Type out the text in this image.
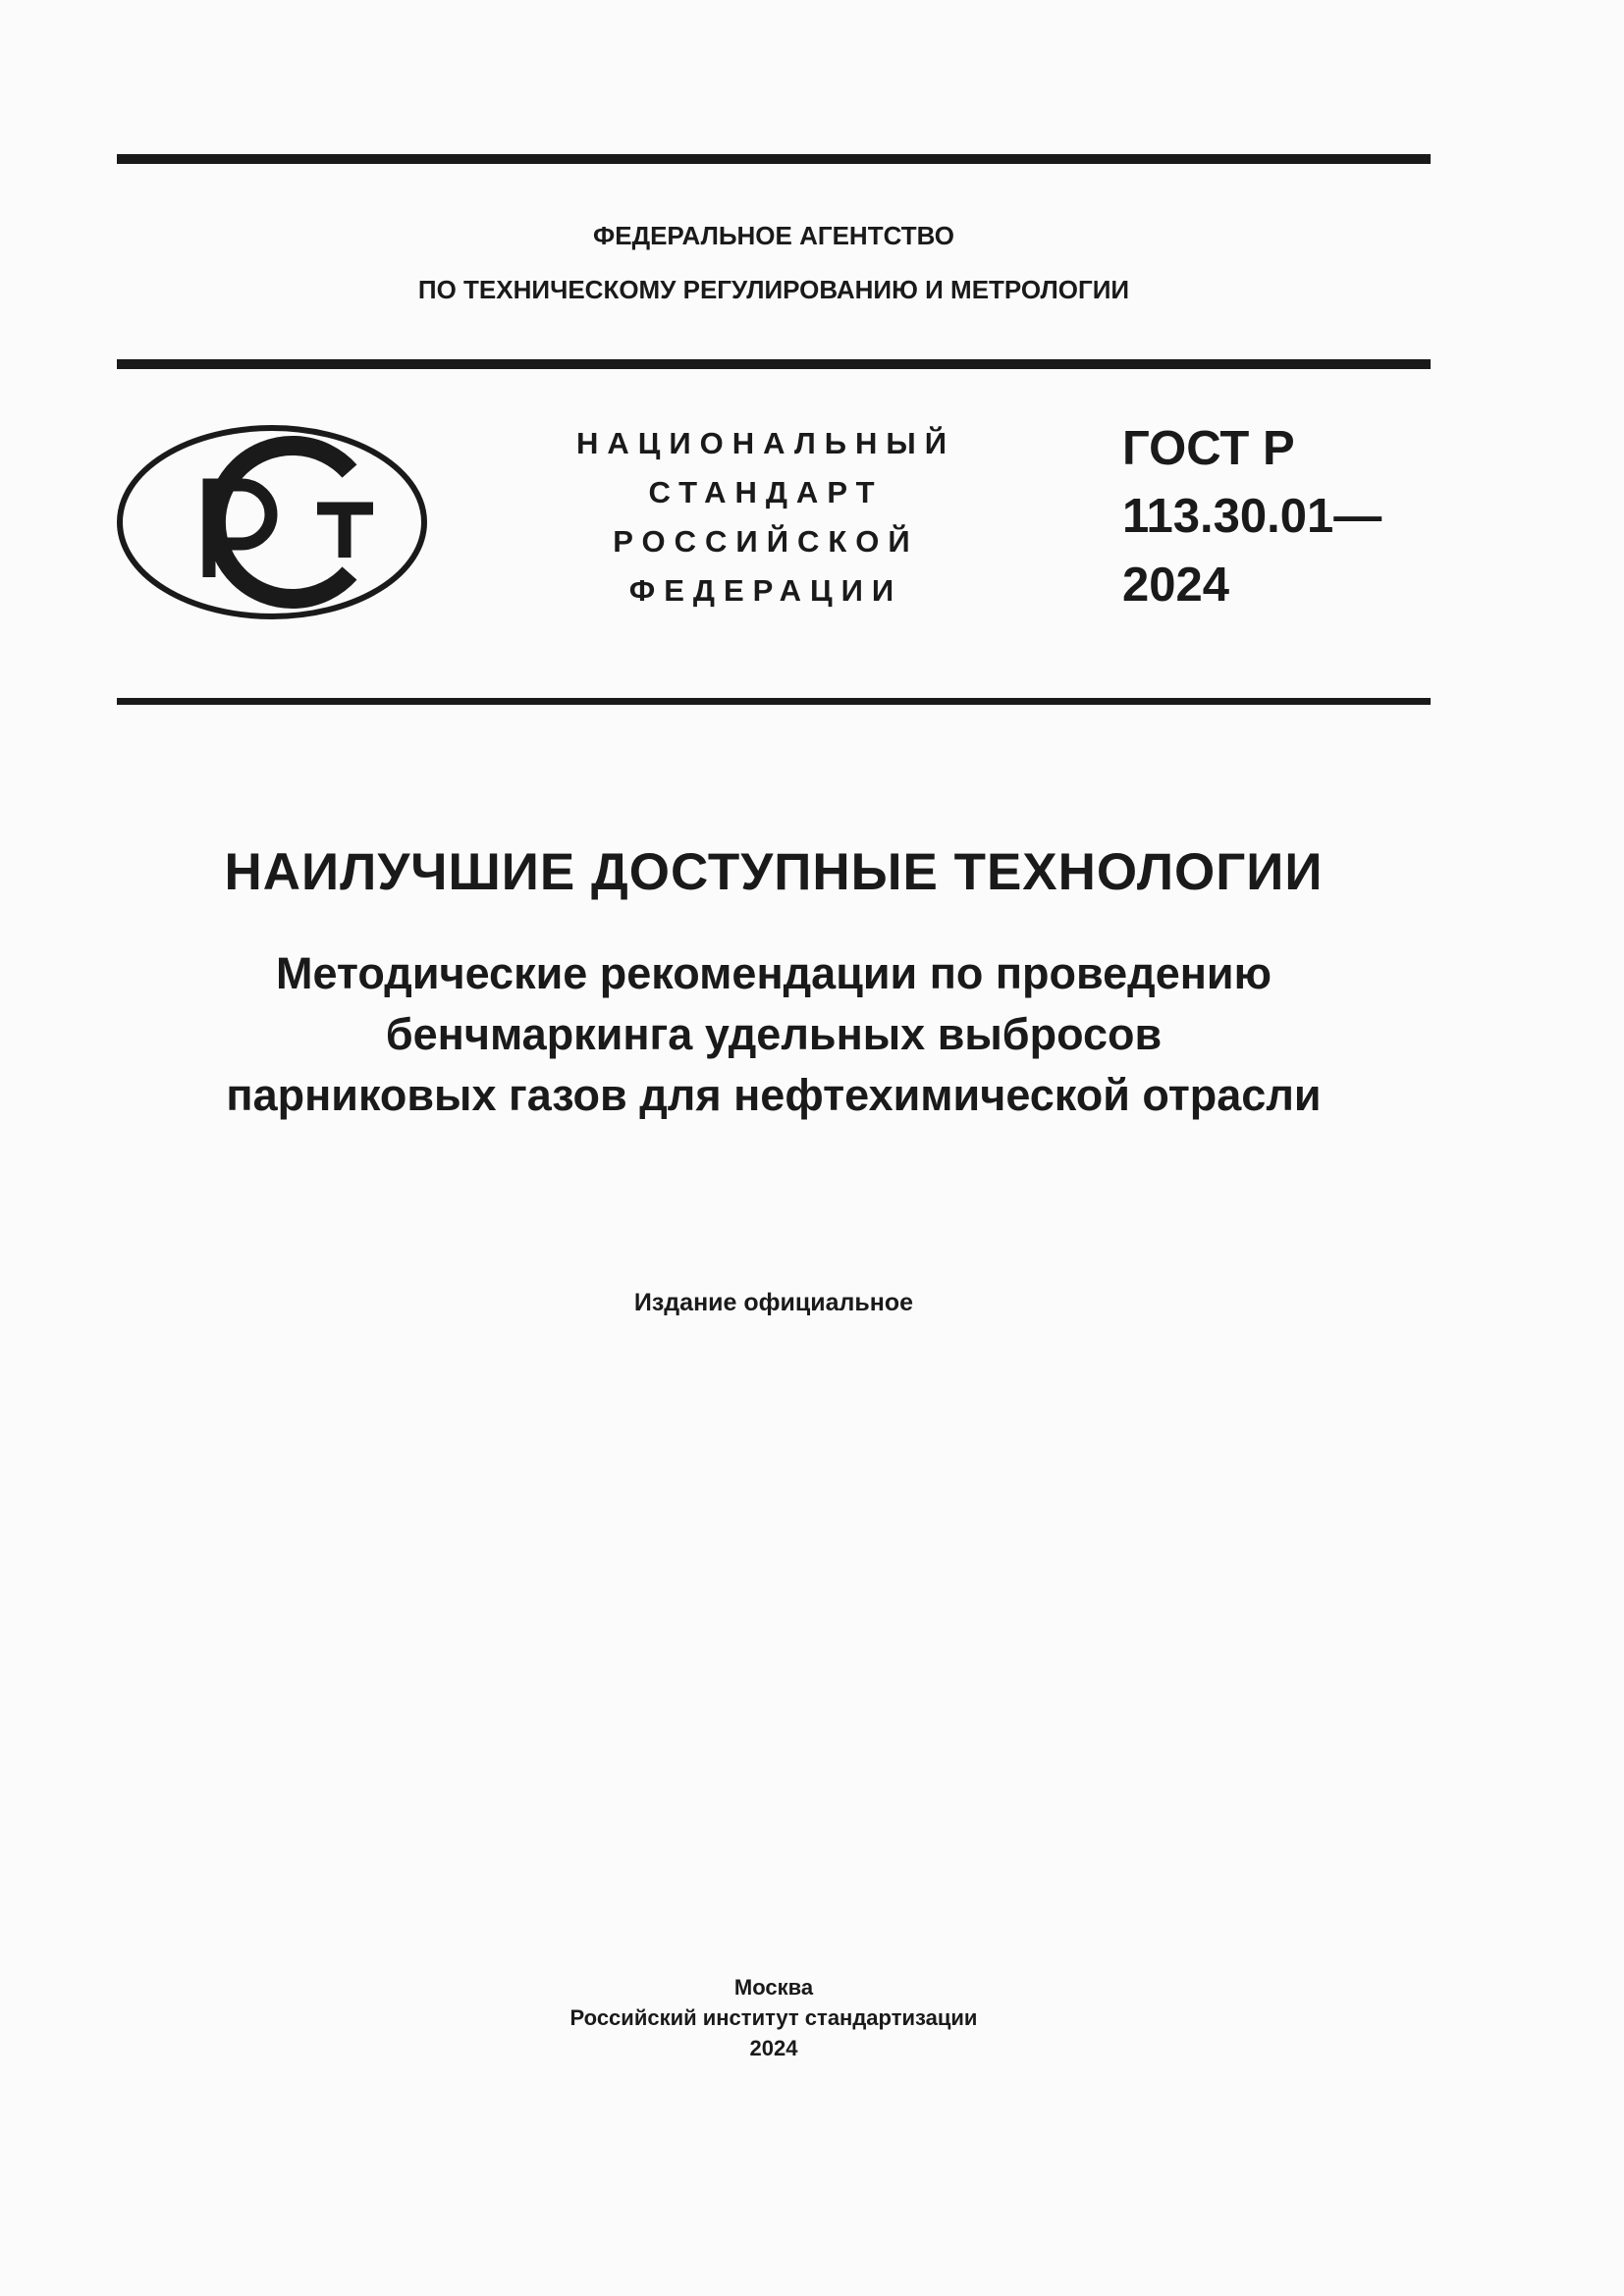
ФЕДЕРАЛЬНОЕ АГЕНТСТВО
ПО ТЕХНИЧЕСКОМУ РЕГУЛИРОВАНИЮ И МЕТРОЛОГИИ
НАЦИОНАЛЬНЫЙ
СТАНДАРТ
РОССИЙСКОЙ
ФЕДЕРАЦИИ
ГОСТ Р
113.30.01—
2024
НАИЛУЧШИЕ ДОСТУПНЫЕ ТЕХНОЛОГИИ
Методические рекомендации по проведению
бенчмаркинга удельных выбросов
парниковых газов для нефтехимической отрасли
Издание официальное
Москва
Российский институт стандартизации
2024
